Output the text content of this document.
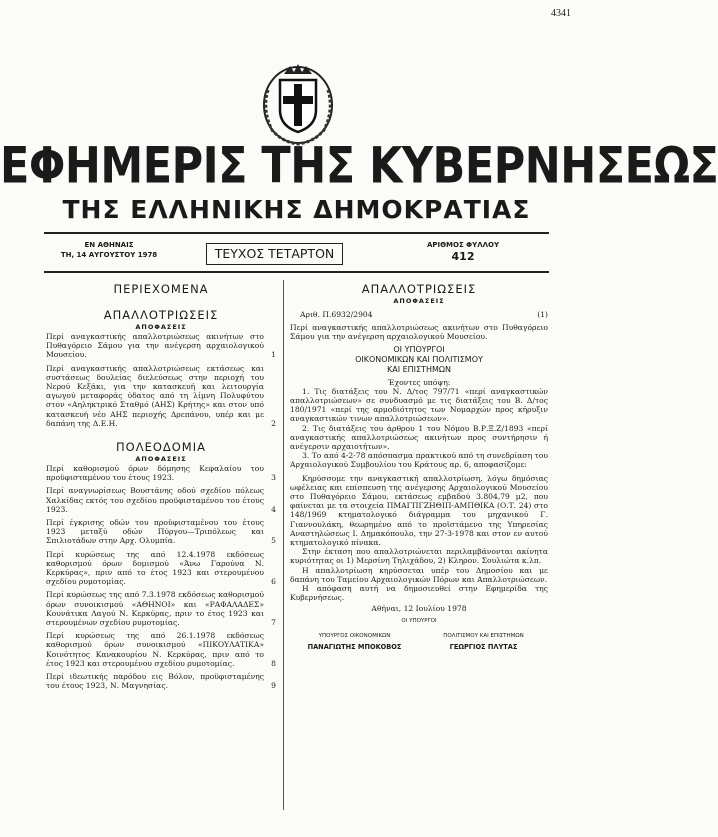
4341
ΕΦΗΜΕΡΙΣ ΤΗΣ ΚΥΒΕΡΝΗΣΕΩΣ
ΤΗΣ ΕΛΛΗΝΙΚΗΣ ΔΗΜΟΚΡΑΤΙΑΣ
ΕΝ ΑΘΗΝΑΙΣ
ΤΗ, 14 ΑΥΓΟΥΣΤΟΥ 1978	ΤΕΥΧΟΣ ΤΕΤΑΡΤΟΝ
ΑΡΙΘΜΟΣ ΦΥΛΛΟΥ
412
ΠΕΡΙΕΧΟΜΕΝΑ
ΑΠΑΛΛΟΤΡΙΩΣΕΙΣ
ΑΠΟΦΑΣΕΙΣ
Περί αναγκαστικής απαλλοτριώσεως ακινήτων στο Πυθαγόρειο Σάμου για την ανέγερση αρχαιολογικού Μουσείου.	1
Περί αναγκαστικής απαλλοτριώσεως εκτάσεως και συστάσεως δουλείας διελεύσεως στην περιοχή του Νερού Κεξάκι, για την κατασκευή και λειτουργία αγωγού μεταφοράς ύδατος από τη λίμνη Πολυφύτου στον «Αηληκτρικό Σταθμό (ΑΗΣ) Κρήτης» και στον υπό κατασκευή νέο ΑΗΣ περιοχής Δρεπάνου, υπέρ και με δαπάνη της Δ.Ε.Η.	2
ΠΟΛΕΟΔΟΜΙΑ
ΑΠΟΦΑΣΕΙΣ
Περί καθορισμού όρων δόμησης Κεφαλαίου του προϋφισταμένου του έτους 1923.	3
Περί αναγνωρίσεως Βουστάνης οδού σχεδίου πόλεως Χαλκίδας εκτός του σχεδίου προϋφισταμένου του έτους 1923.	4
Περί έγκρισης οδών του προϋφισταμένου του έτους 1923 μεταξύ οδών Πύργου—Τριπόλεως και Σπιλιοτάδων στην Αρχ. Ολυμπία.	5
Περί κυρώσεως της από 12.4.1978 εκδόσεως καθορισμού όρων δομισμού «Άνω Γαρούνα Ν. Κερκύρας», πριν από το έτος 1923 και στερουμένου σχεδίου ρυμοτομίας.	6
Περί κυρώσεως της από 7.3.1978 εκδόσεως καθορισμού όρων συνοικισμού «ΑΘΗΝΟΙ» και «ΡΑΦΑΛΑΔΕΣ» Κουνάτικα Λαγού Ν. Κερκύρας, πριν το έτος 1923 και στερουμένων σχεδίου ρυμοτομίας.	7
Περί κυρώσεως της από 26.1.1978 εκδόσεως καθορισμού όρων συνοικισμού «ΠΙΚΟΥΛΑΤΙΚΑ» Κοινότητος Κανακουρίου Ν. Κερκύρας, πριν από το έτος 1923 και στερουμένου σχεδίου ρυμοτομίας.	8
Περί ιδεωτικής παρόδου εις Βόλον, προϋφισταμένης του έτους 1923, Ν. Μαγνησίας.	9
ΑΠΑΛΛΟΤΡΙΩΣΕΙΣ
ΑΠΟΦΑΣΕΙΣ
Αριθ. Π.6932/2904	(1)

Περί αναγκαστικής απαλλοτριώσεως ακινήτων στο Πυθαγόρειο Σάμου για την ανέγερση αρχαιολογικού Μουσείου.

ΟΙ ΥΠΟΥΡΓΟΙ
ΟΙΚΟΝΟΜΙΚΩΝ ΚΑΙ ΠΟΛΙΤΙΣΜΟΥ
ΚΑΙ ΕΠΙΣΤΗΜΩΝ

Έχοντες υπόψη:

1. Τις διατάξεις του Ν. Δ/τος 797/71 «περί αναγκαστικών απαλλοτριώσεων» σε συνδυασμό με τις διατάξεις του Β. Δ/τος 180/1971 «περί της αρμοδιότητος των Νομαρχών προς κήρυξιν αναγκαστικών τινων απαλλοτριώσεων».

2. Τις διατάξεις του άρθρου 1 του Νόμου Β.Ρ.Ξ.Ζ/1893 «περί αναγκαστικής απαλλοτριώσεως ακινήτων προς συντήρησιν ή ανέγερσιν αρχαιοτήτων».

3. Το από 4-2-78 απόσπασμα πρακτικού από τη συνεδρίαση του Αρχαιολογικού Συμβουλίου του Κράτους αρ. 6, αποφασίζομε:

Κηρύσσομε την αναγκαστική απαλλοτρίωση, λόγω δημόσιας ωφέλειας και επίσπευση της ανέγερσης Αρχαιολογικού Μουσείου στο Πυθαγόρειο Σάμου, εκτάσεως εμβαδού 3.804,79 μ2, που φαίνεται με τα στοιχεία ΠΜΑΓΠΓΖΗΘΙΠ-ΑΜΠΘΙΚΑ (Ο.Τ. 24) στο 148/1969 κτηματολογικό διάγραμμα του μηχανικού Γ. Γιαννουλάκη, θεωρημένο από το προϊστάμενο της Υπηρεσίας Αναστηλώσεως Ι. Δημακόπουλο, την 27-3-1978 και στον εν αυτού κτηματολογικό πίνακα.

Στην έκταση που απαλλοτριώνεται περιλαμβάνονται ακίνητα κυριότητας οι 1) Μερσίνη Τηλιχάδου, 2) Κληρον. Σουλιώτα κ.λπ.

Η απαλλοτρίωση κηρύσσεται υπέρ του Δημοσίου και με δαπάνη του Ταμείου Αρχαιολογικών Πόρων και Απαλλοτριώσεων.

Η απόφαση αυτή να δημοσιευθεί στην Εφημερίδα της Κυβερνήσεως.

Αθήναι, 12 Ιουλίου 1978

ΟΙ ΥΠΟΥΡΓΟΙ
ΥΠΟΥΡΓΟΣ ΟΙΚΟΝΟΜΙΚΩΝ	ΠΟΛΙΤΙΣΜΟΥ ΚΑΙ ΕΠΙΣΤΗΜΩΝ
ΠΑΝΑΓΙΩΤΗΣ ΜΠΟΚΟΒΟΣ	ΓΕΩΡΓΙΟΣ ΠΛΥΤΑΣ
